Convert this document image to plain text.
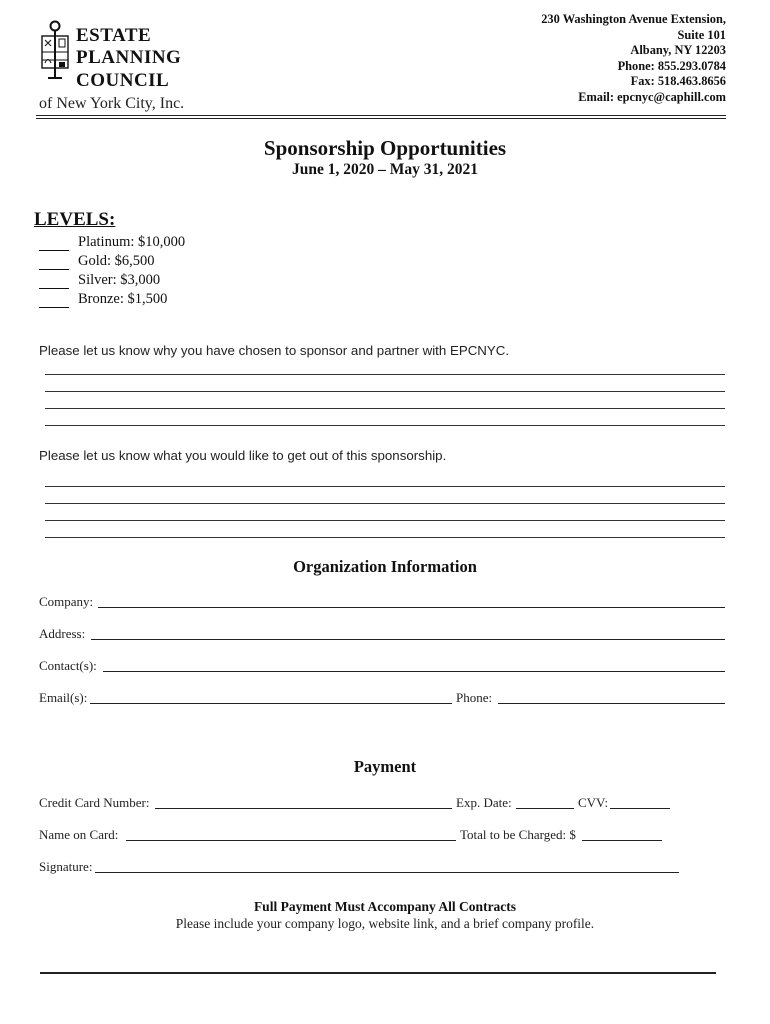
ESTATE
PLANNING
COUNCIL
of New York City, Inc.
230 Washington Avenue Extension,
Suite 101
Albany, NY 12203
Phone: 855.293.0784
Fax: 518.463.8656
Email: epcnyc@caphill.com
Sponsorship Opportunities
June 1, 2020 – May 31, 2021
LEVELS:
Platinum: $10,000
Gold: $6,500
Silver: $3,000
Bronze: $1,500
Please let us know why you have chosen to sponsor and partner with EPCNYC.
Please let us know what you would like to get out of this sponsorship.
Organization Information
Company:
Address:
Contact(s):
Email(s):	Phone:
Payment
Credit Card Number:	Exp. Date:	CVV:
Name on Card:	Total to be Charged: $
Signature:
Full Payment Must Accompany All Contracts
Please include your company logo, website link, and a brief company profile.
